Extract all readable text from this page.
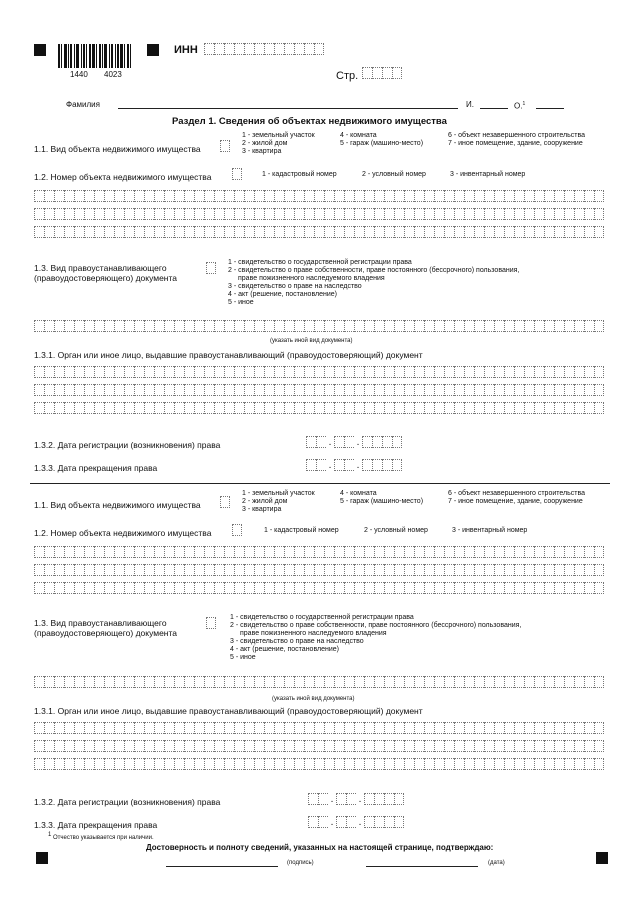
1440 4023
ИНН
Стр.
Фамилия	И.	О.$^1$
Раздел 1. Сведения об объектах недвижимого имущества
1.1. Вид объекта недвижимого имущества
1 - земельный участок
2 - жилой дом
3 - квартира
4 - комната
5 - гараж (машино-место)
6 - объект незавершенного строительства
7 - иное помещение, здание, сооружение
1.2. Номер объекта недвижимого имущества	1 - кадастровый номер	2 - условный номер	3 - инвентарный номер
1.3. Вид правоустанавливающего (правоудостоверяющего) документа
1 - свидетельство о государственной регистрации права
2 - свидетельство о праве собственности, праве постоянного (бессрочного) пользования,
правe пожизненного наследуемого владения
3 - свидетельство о праве на наследство
4 - акт (решение, постановление)
5 - иное
(указать иной вид документа)
1.3.1. Орган или иное лицо, выдавшие правоустанавливающий (правоудостоверяющий) документ
1.3.2. Дата регистрации (возникновения) права	.	.
1.3.3. Дата прекращения права	.	.
1.1. Вид объекта недвижимого имущества
1 - земельный участок
2 - жилой дом
3 - квартира
4 - комната
5 - гараж (машино-место)
6 - объект незавершенного строительства
7 - иное помещение, здание, сооружение
1.2. Номер объекта недвижимого имущества	1 - кадастровый номер	2 - условный номер	3 - инвентарный номер
1.3. Вид правоустанавливающего (правоудостоверяющего) документа
1 - свидетельство о государственной регистрации права
2 - свидетельство о праве собственности, праве постоянного (бессрочного) пользования,
праве пожизненного наследуемого владения
3 - свидетельство о праве на наследство
4 - акт (решение, постановление)
5 - иное
(указать иной вид документа)
1.3.1. Орган или иное лицо, выдавшие правоустанавливающий (правоудостоверяющий) документ
1.3.2. Дата регистрации (возникновения) права	.	.
1.3.3. Дата прекращения права	.	.
$^1$ Отчество указывается при наличии.
Достоверность и полноту сведений, указанных на настоящей странице, подтверждаю:
(подпись)	(дата)
